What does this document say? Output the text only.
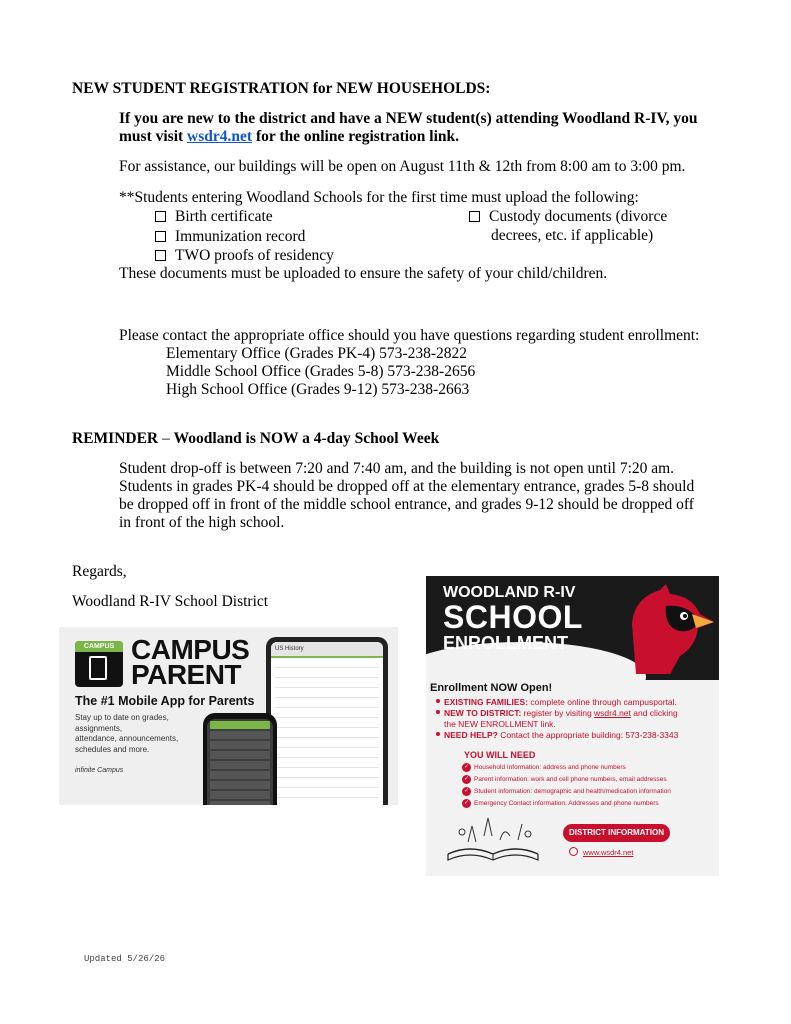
NEW STUDENT REGISTRATION for NEW HOUSEHOLDS:
If you are new to the district and have a NEW student(s) attending Woodland R-IV, you
must visit wsdr4.net for the online registration link.
For assistance, our buildings will be open on August 11th & 12th from 8:00 am to 3:00 pm.
**Students entering Woodland Schools for the first time must upload the following:
Birth certificate
Immunization record
TWO proofs of residency
Custody documents (divorce
decrees, etc. if applicable)
These documents must be uploaded to ensure the safety of your child/children.
Please contact the appropriate office should you have questions regarding student enrollment:
Elementary Office (Grades PK-4) 573-238-2822
Middle School Office (Grades 5-8) 573-238-2656
High School Office (Grades 9-12) 573-238-2663
REMINDER – Woodland is NOW a 4-day School Week
Student drop-off is between 7:20 and 7:40 am, and the building is not open until 7:20 am.
Students in grades PK-4 should be dropped off at the elementary entrance, grades 5-8 should
be dropped off in front of the middle school entrance, and grades 9-12 should be dropped off
in front of the high school.
Regards,
Woodland R-IV School District
CAMPUS CAMPUS
PARENT
The #1 Mobile App for Parents
Stay up to date on grades, assignments,
attendance, announcements,
schedules and more.
infinite Campus
US History
WOODLAND R-IV
SCHOOL
ENROLLMENT
Enrollment NOW Open!
EXISTING FAMILIES: complete online through campusportal.
NEW TO DISTRICT: register by visiting wsdr4.net and clicking
the NEW ENROLLMENT link.
NEED HELP? Contact the appropriate building: 573-238-3343
YOU WILL NEED
✓ Household Information: address and phone numbers
✓ Parent information: work and cell phone numbers, email addresses
✓ Student information: demographic and health/medication information
✓ Emergency Contact information: Addresses and phone numbers
DISTRICT INFORMATION
www.wsdr4.net
Updated 5/26/26
